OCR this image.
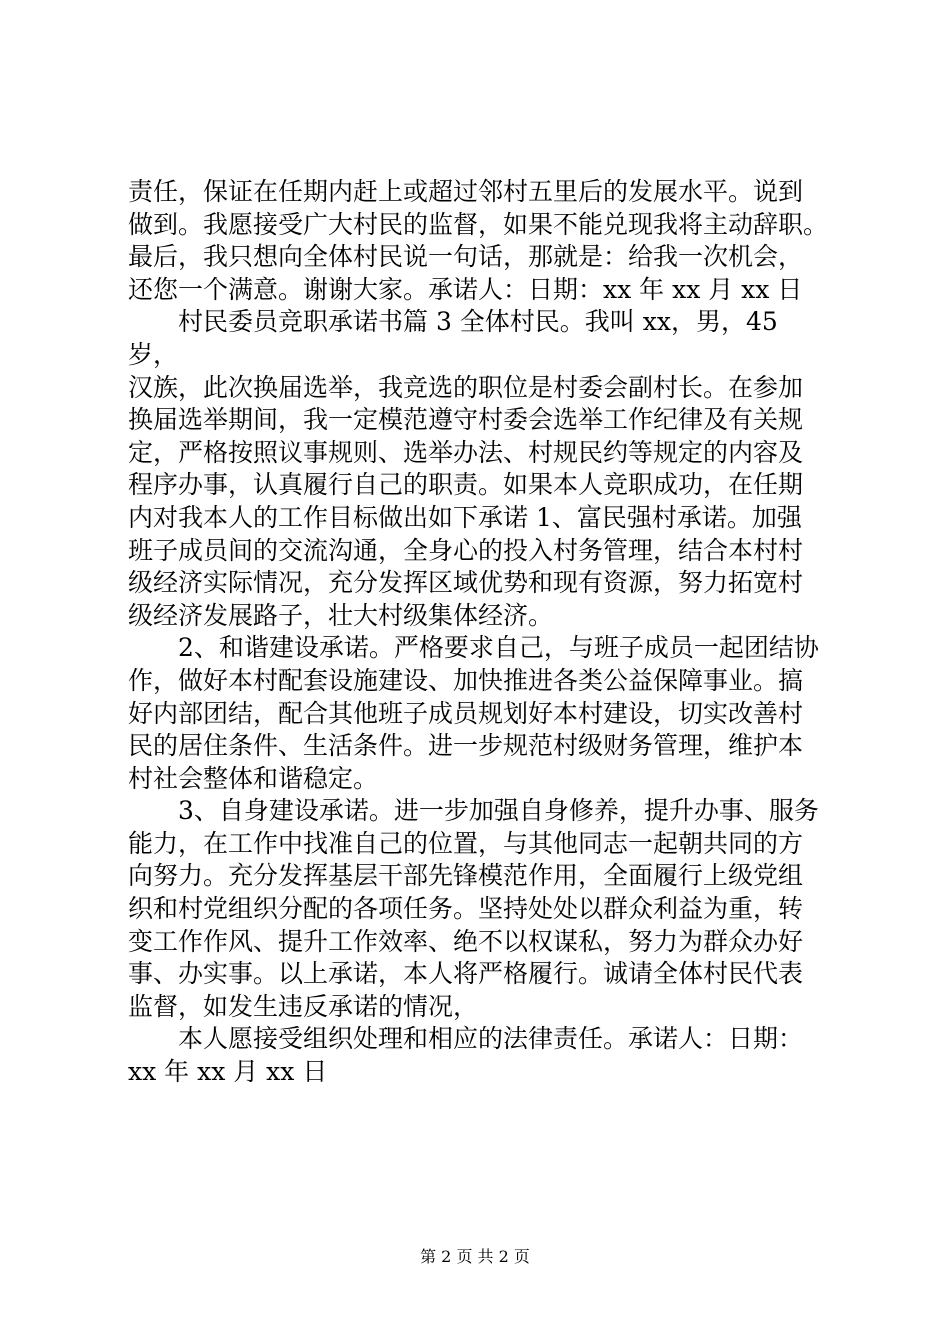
责任，保证在任期内赶上或超过邻村五里后的发展水平。说到
做到。我愿接受广大村民的监督，如果不能兑现我将主动辞职。
最后，我只想向全体村民说一句话，那就是：给我一次机会，
还您一个满意。谢谢大家。承诺人：日期：xx 年 xx 月 xx 日

村民委员竞职承诺书篇 3 全体村民。我叫 xx，男，45 岁，
汉族，此次换届选举，我竞选的职位是村委会副村长。在参加
换届选举期间，我一定模范遵守村委会选举工作纪律及有关规
定，严格按照议事规则、选举办法、村规民约等规定的内容及
程序办事，认真履行自己的职责。如果本人竞职成功，在任期
内对我本人的工作目标做出如下承诺 1、富民强村承诺。加强
班子成员间的交流沟通，全身心的投入村务管理，结合本村村
级经济实际情况，充分发挥区域优势和现有资源，努力拓宽村
级经济发展路子，壮大村级集体经济。

2、和谐建设承诺。严格要求自己，与班子成员一起团结协
作，做好本村配套设施建设、加快推进各类公益保障事业。搞
好内部团结，配合其他班子成员规划好本村建设，切实改善村
民的居住条件、生活条件。进一步规范村级财务管理，维护本
村社会整体和谐稳定。

3、自身建设承诺。进一步加强自身修养，提升办事、服务
能力，在工作中找准自己的位置，与其他同志一起朝共同的方
向努力。充分发挥基层干部先锋模范作用，全面履行上级党组
织和村党组织分配的各项任务。坚持处处以群众利益为重，转
变工作作风、提升工作效率、绝不以权谋私，努力为群众办好
事、办实事。以上承诺，本人将严格履行。诚请全体村民代表
监督，如发生违反承诺的情况，

本人愿接受组织处理和相应的法律责任。承诺人：日期：
xx 年 xx 月 xx 日

第 2 页 共 2 页
